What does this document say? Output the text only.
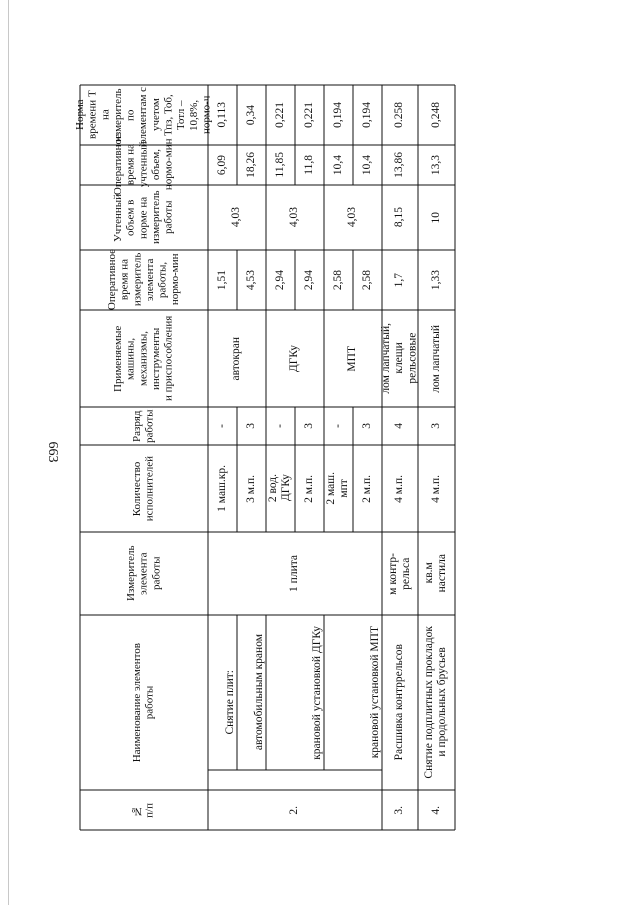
663
№
п/п
Наименование элементов
работы
Измеритель элемента
работы
Количество
исполнителей
Разряд работы
Применяемые машины,
механизмы,
инструменты
и приспособления
Оперативное время на
измеритель элемента
работы, нормо-мин
Учтенный объем в
норме на измеритель
работы
Оперативное время на
учтенный объем,
нормо-мин
Норма времени Т на
измеритель по
элементам с учетом
Тпз, Тоб, Тотл – 10,8%,
нормо-ч
2.
1 плита
Снятие плит: автомобильным краном
автокран
4,03
крановой установкой ДГКу
ДГКу
4,03
крановой установкой МПТ
МПТ
4,03
1 маш.кр.
-
1,51
6,09
0,113
3 м.п.
3
4,53
18,26
0,34
2 вод.
ДГКу
-
2,94
11,85
0,221
2 м.п.
3
2,94
11,8
0,221
2 маш.
мпт
-
2,58
10,4
0,194
2 м.п.
3
2,58
10,4
0,194
3.
Расшивка контррельсов
м контр-
рельса
4 м.п.
4
лом лапчатый,
клещи
рельсовые
1,7
8,15
13,86
0.258
4.
Снятие подплитных прокладок
и продольных брусьев
кв.м
настила
4 м.п.
3
лом лапчатый
1,33
10
13,3
0,248
